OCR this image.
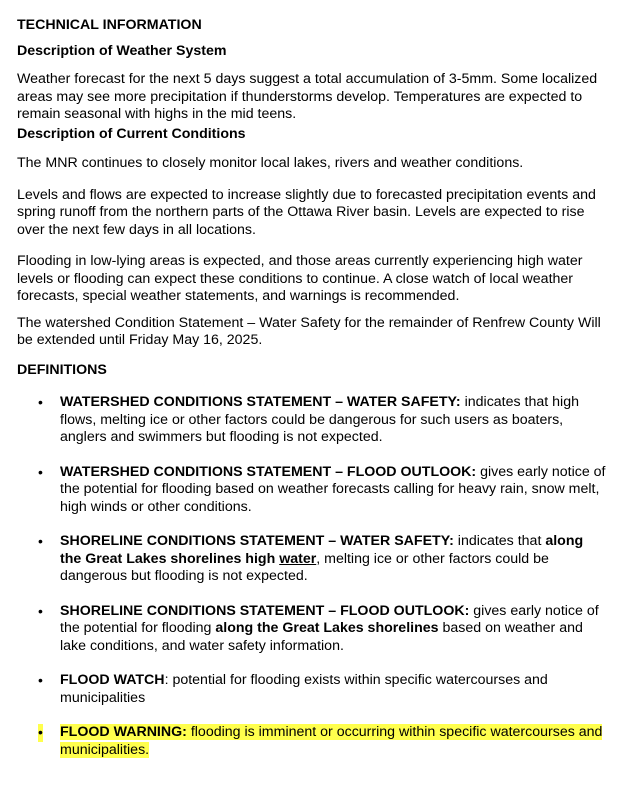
TECHNICAL INFORMATION

Description of Weather System

Weather forecast for the next 5 days suggest a total accumulation of 3-5mm. Some localized areas may see more precipitation if thunderstorms develop. Temperatures are expected to remain seasonal with highs in the mid teens.

Description of Current Conditions

The MNR continues to closely monitor local lakes, rivers and weather conditions.

Levels and flows are expected to increase slightly due to forecasted precipitation events and spring runoff from the northern parts of the Ottawa River basin. Levels are expected to rise over the next few days in all locations.

Flooding in low-lying areas is expected, and those areas currently experiencing high water levels or flooding can expect these conditions to continue. A close watch of local weather forecasts, special weather statements, and warnings is recommended.

The watershed Condition Statement – Water Safety for the remainder of Renfrew County Will be extended until Friday May 16, 2025.

DEFINITIONS

• WATERSHED CONDITIONS STATEMENT – WATER SAFETY: indicates that high flows, melting ice or other factors could be dangerous for such users as boaters, anglers and swimmers but flooding is not expected.
• WATERSHED CONDITIONS STATEMENT – FLOOD OUTLOOK: gives early notice of the potential for flooding based on weather forecasts calling for heavy rain, snow melt, high winds or other conditions.
• SHORELINE CONDITIONS STATEMENT – WATER SAFETY: indicates that along the Great Lakes shorelines high water, melting ice or other factors could be dangerous but flooding is not expected.
• SHORELINE CONDITIONS STATEMENT – FLOOD OUTLOOK: gives early notice of the potential for flooding along the Great Lakes shorelines based on weather and lake conditions, and water safety information.
• FLOOD WATCH: potential for flooding exists within specific watercourses and municipalities
• FLOOD WARNING: flooding is imminent or occurring within specific watercourses and municipalities.
